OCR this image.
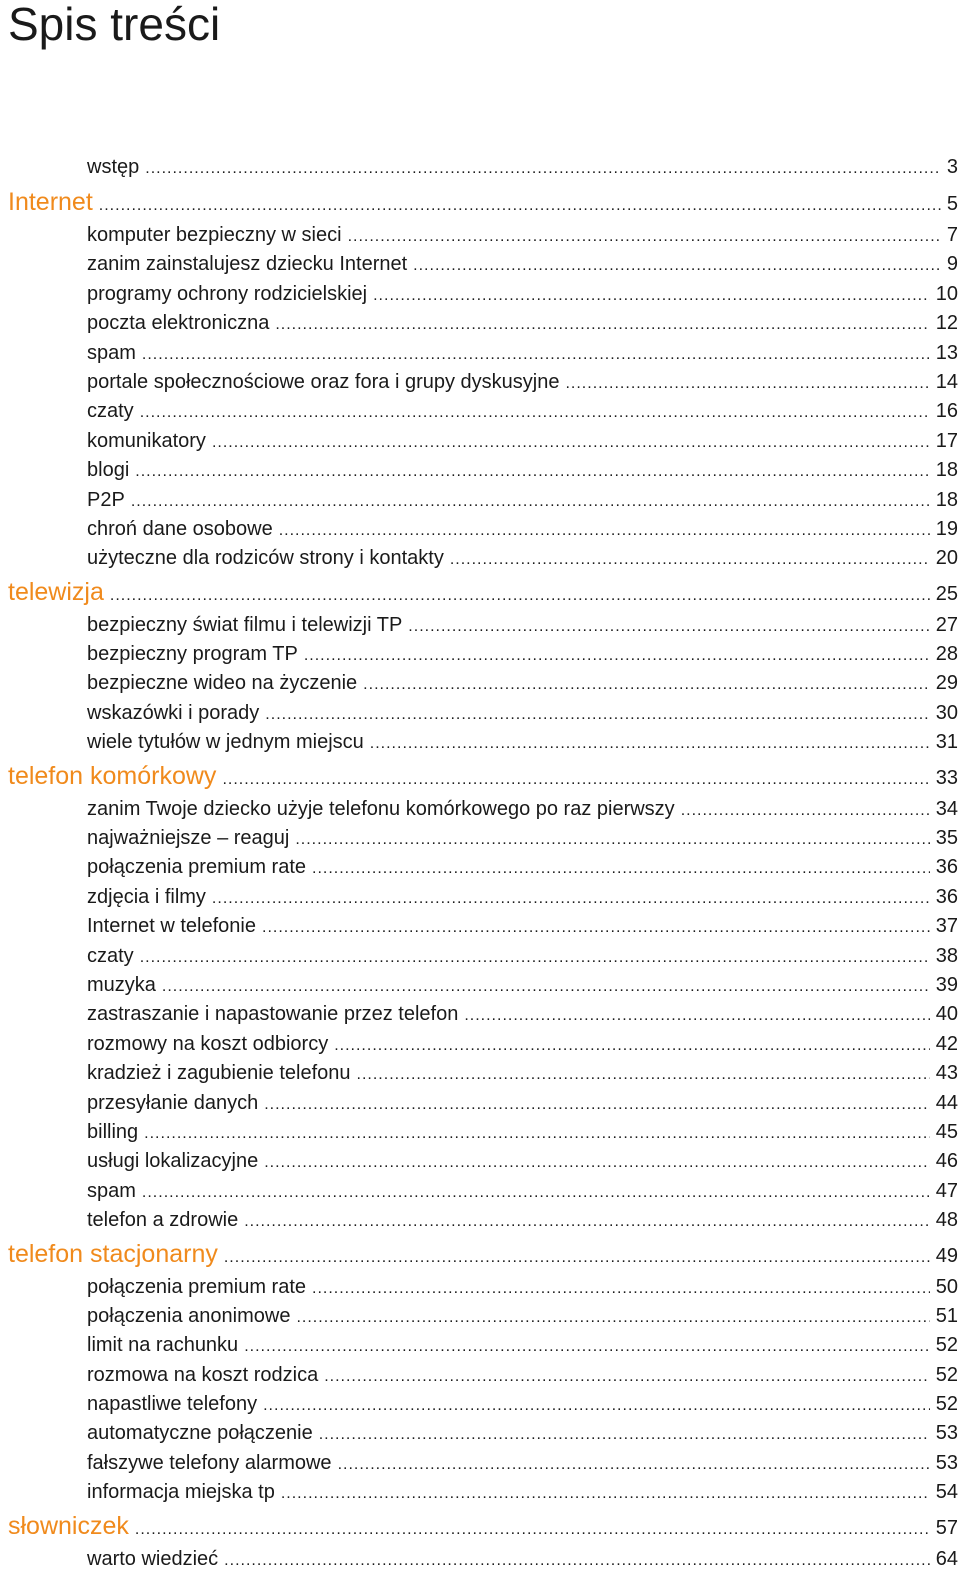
Spis treści
wstęp .....	3
Internet .....	5
komputer bezpieczny w sieci .....	7
zanim zainstalujesz dziecku Internet .....	9
programy ochrony rodzicielskiej .....	10
poczta elektroniczna .....	12
spam .....	13
portale społecznościowe oraz fora i grupy dyskusyjne .....	14
czaty .....	16
komunikatory .....	17
blogi .....	18
P2P .....	18
chroń dane osobowe .....	19
użyteczne dla rodziców strony i kontakty .....	20
telewizja .....	25
bezpieczny świat filmu i telewizji TP .....	27
bezpieczny program TP .....	28
bezpieczne wideo na życzenie .....	29
wskazówki i porady .....	30
wiele tytułów w jednym miejscu .....	31
telefon komórkowy .....	33
zanim Twoje dziecko użyje telefonu komórkowego po raz pierwszy .....	34
najważniejsze – reaguj .....	35
połączenia premium rate .....	36
zdjęcia i filmy .....	36
Internet w telefonie .....	37
czaty .....	38
muzyka .....	39
zastraszanie i napastowanie przez telefon .....	40
rozmowy na koszt odbiorcy .....	42
kradzież i zagubienie telefonu .....	43
przesyłanie danych .....	44
billing .....	45
usługi lokalizacyjne .....	46
spam .....	47
telefon a zdrowie .....	48
telefon stacjonarny .....	49
połączenia premium rate .....	50
połączenia anonimowe .....	51
limit na rachunku .....	52
rozmowa na koszt rodzica .....	52
napastliwe telefony .....	52
automatyczne połączenie .....	53
fałszywe telefony alarmowe .....	53
informacja miejska tp .....	54
słowniczek .....	57
warto wiedzieć .....	64
